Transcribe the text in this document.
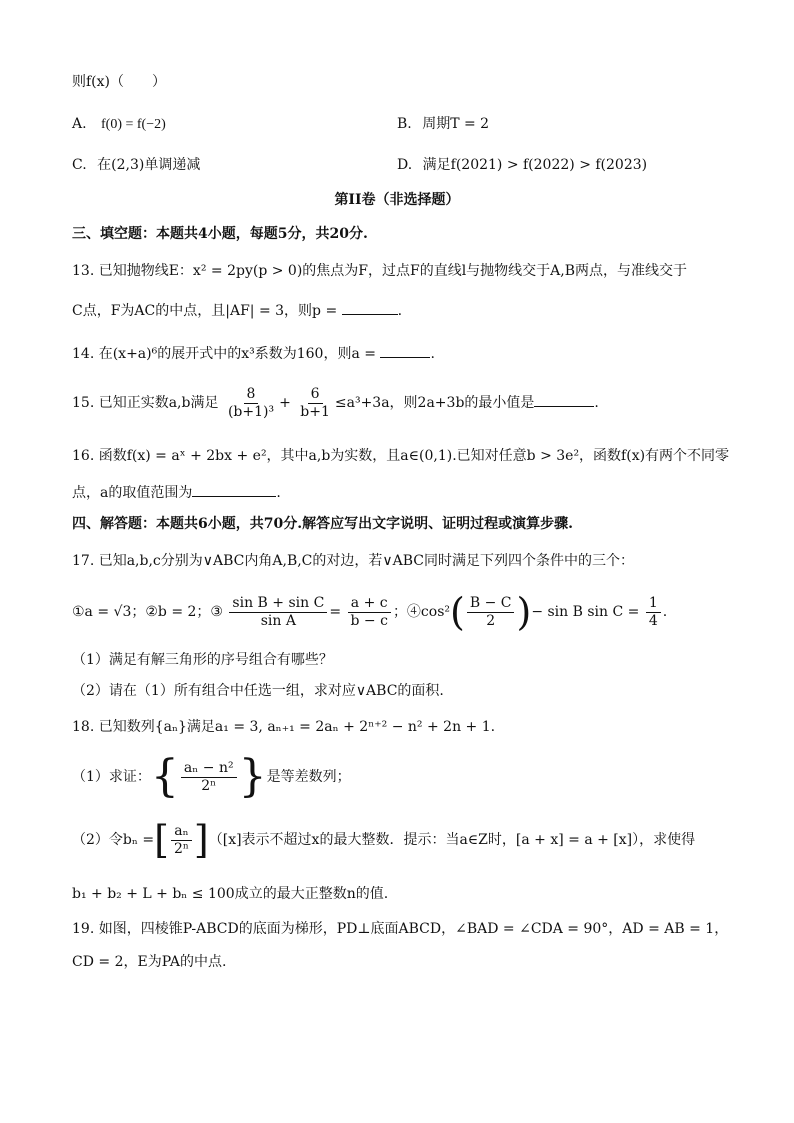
则f(x)（　　）
A. f(0) = f(−2)	B. 周期T = 2
C. 在(2,3)单调递减	D. 满足f(2021) > f(2022) > f(2023)
第II卷（非选择题）
三、填空题：本题共4小题，每题5分，共20分.
13. 已知抛物线E：x² = 2py(p > 0)的焦点为F，过点F的直线l与抛物线交于A,B两点，与准线交于
C点，F为AC的中点，且|AF| = 3，则p =	.
14. 在(x+a)⁶的展开式中的x³系数为160，则a =	.
15. 已知正实数a,b满足 $\frac{8}{\text{(b+1)³}} + \frac{6}{b+1} \le a^3+3a$，则2a+3b的最小值是	.
16. 函数f(x) = aˣ + 2bx + e²，其中a,b为实数，且a∈(0,1).已知对任意b > 3e²，函数f(x)有两个不同零
点，a的取值范围为	.
四、解答题：本题共6小题，共70分.解答应写出文字说明、证明过程或演算步骤.
17. 已知a,b,c分别为∨ABC内角A,B,C的对边，若∨ABC同时满足下列四个条件中的三个：
①a = √3；②b = 2；③ $\frac{\text{sin B + sin C}}{\text{sin A}} = \frac{a + c}{b - c}$ ；④cos²( $\frac{B - C}{2}$ )− sin B $\sin C = \frac{1}{4}$ .
（1）满足有解三角形的序号组合有哪些？
（2）请在（1）所有组合中任选一组，求对应∨ABC的面积.
18. 已知数列{aₙ}满足a₁ = 3, aₙ₊₁ = 2aₙ + 2ⁿ⁺² − n² + 2n + 1.
（1）求证：{ $\frac{\text{aₙ − n²}}{\text{2ⁿ}}$ }是等差数列；
（2）令bₙ =[ $\frac{\text{aₙ}}{\text{2ⁿ}} ]([x]$表示不超过x的最大整数．提示：当a∈Z时，[a + x] = a + [x]），求使得
b₁ + b₂ + L + bₙ ≤ 100成立的最大正整数n的值.
19. 如图，四棱锥P-ABCD的底面为梯形，PD⊥底面ABCD，∠BAD = ∠CDA = 90°，AD = AB = 1，
CD = 2，E为PA的中点.
